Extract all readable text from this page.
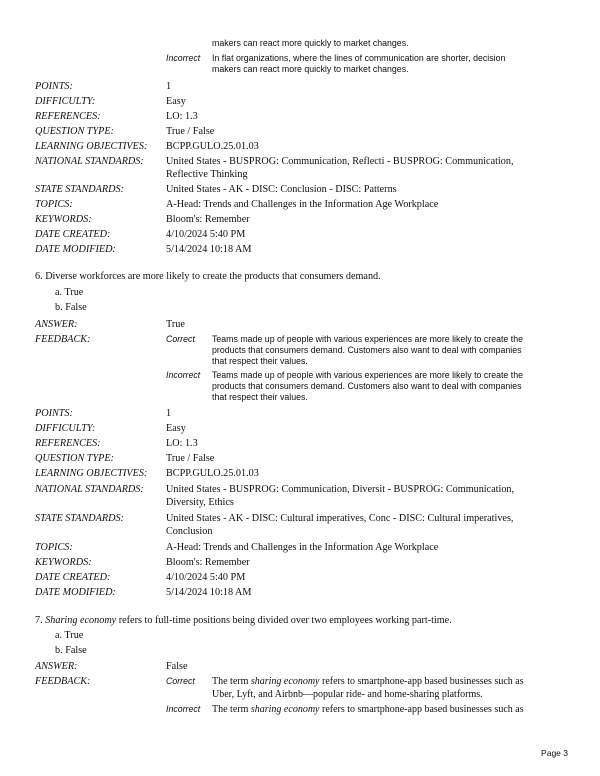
makers can react more quickly to market changes.
Incorrect	In flat organizations, where the lines of communication are shorter, decision
makers can react more quickly to market changes.
POINTS:	1
DIFFICULTY:	Easy
REFERENCES:	LO: 1.3
QUESTION TYPE:	True / False
LEARNING OBJECTIVES: BCPP.GULO.25.01.03
NATIONAL STANDARDS: United States - BUSPROG: Communication, Reflecti - BUSPROG: Communication,
Reflective Thinking
STATE STANDARDS:	United States - AK - DISC: Conclusion - DISC: Patterns
TOPICS:	A-Head: Trends and Challenges in the Information Age Workplace
KEYWORDS:	Bloom's: Remember
DATE CREATED:	4/10/2024 5:40 PM
DATE MODIFIED:	5/14/2024 10:18 AM
6. Diverse workforces are more likely to create the products that consumers demand.
a. True
b. False
ANSWER:	True
FEEDBACK:	Correct	Teams made up of people with various experiences are more likely to create the
products that consumers demand. Customers also want to deal with companies
that respect their values.
Incorrect	Teams made up of people with various experiences are more likely to create the
products that consumers demand. Customers also want to deal with companies
that respect their values.
POINTS:	1
DIFFICULTY:	Easy
REFERENCES:	LO: 1.3
QUESTION TYPE:	True / False
LEARNING OBJECTIVES: BCPP.GULO.25.01.03
NATIONAL STANDARDS: United States - BUSPROG: Communication, Diversit - BUSPROG: Communication,
Diversity, Ethics
STATE STANDARDS:	United States - AK - DISC: Cultural imperatives, Conc - DISC: Cultural imperatives,
Conclusion
TOPICS:	A-Head: Trends and Challenges in the Information Age Workplace
KEYWORDS:	Bloom's: Remember
DATE CREATED:	4/10/2024 5:40 PM
DATE MODIFIED:	5/14/2024 10:18 AM
7. Sharing economy refers to full-time positions being divided over two employees working part-time.
a. True
b. False
ANSWER:	False
FEEDBACK:	Correct	The term sharing economy refers to smartphone-app based businesses such as
Uber, Lyft, and Airbnb—popular ride- and home-sharing platforms.
Incorrect	The term sharing economy refers to smartphone-app based businesses such as
Page 3
